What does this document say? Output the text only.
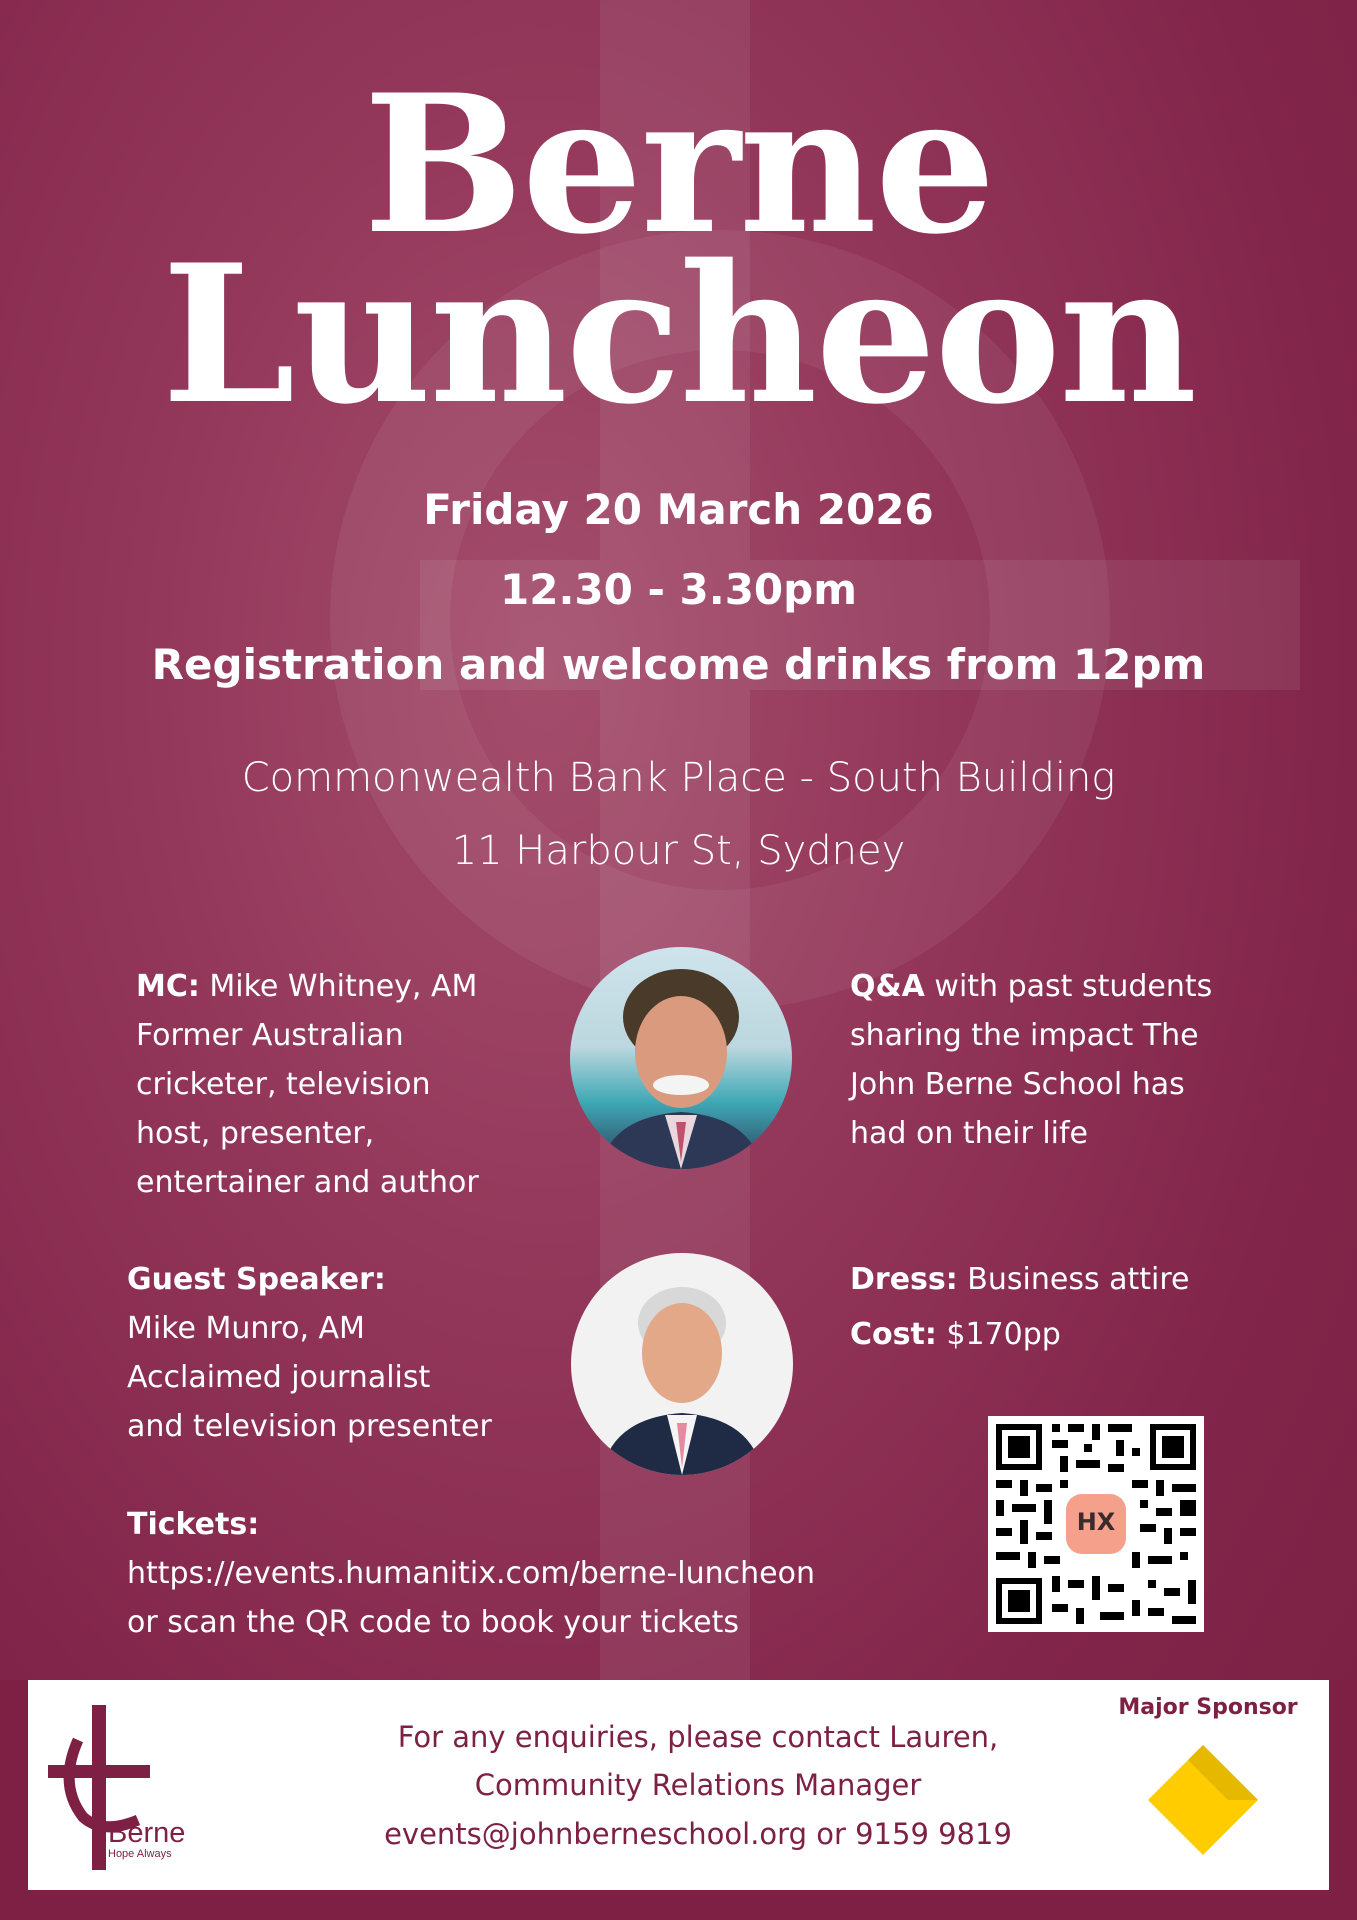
Berne
Luncheon
Friday 20 March 2026
12.30 - 3.30pm
Registration and welcome drinks from 12pm
Commonwealth Bank Place - South Building
11 Harbour St, Sydney
MC: Mike Whitney, AM
Former Australian
cricketer, television
host, presenter,
entertainer and author
Q&A with past students
sharing the impact The
John Berne School has
had on their life
Guest Speaker:
Mike Munro, AM
Acclaimed journalist
and television presenter
Dress: Business attire
Cost: $170pp
Tickets:
https://events.humanitix.com/berne-luncheon
or scan the QR code to book your tickets
HX
Berne
Hope Always
For any enquiries, please contact Lauren,
Community Relations Manager
events@johnberneschool.org or 9159 9819
Major Sponsor
